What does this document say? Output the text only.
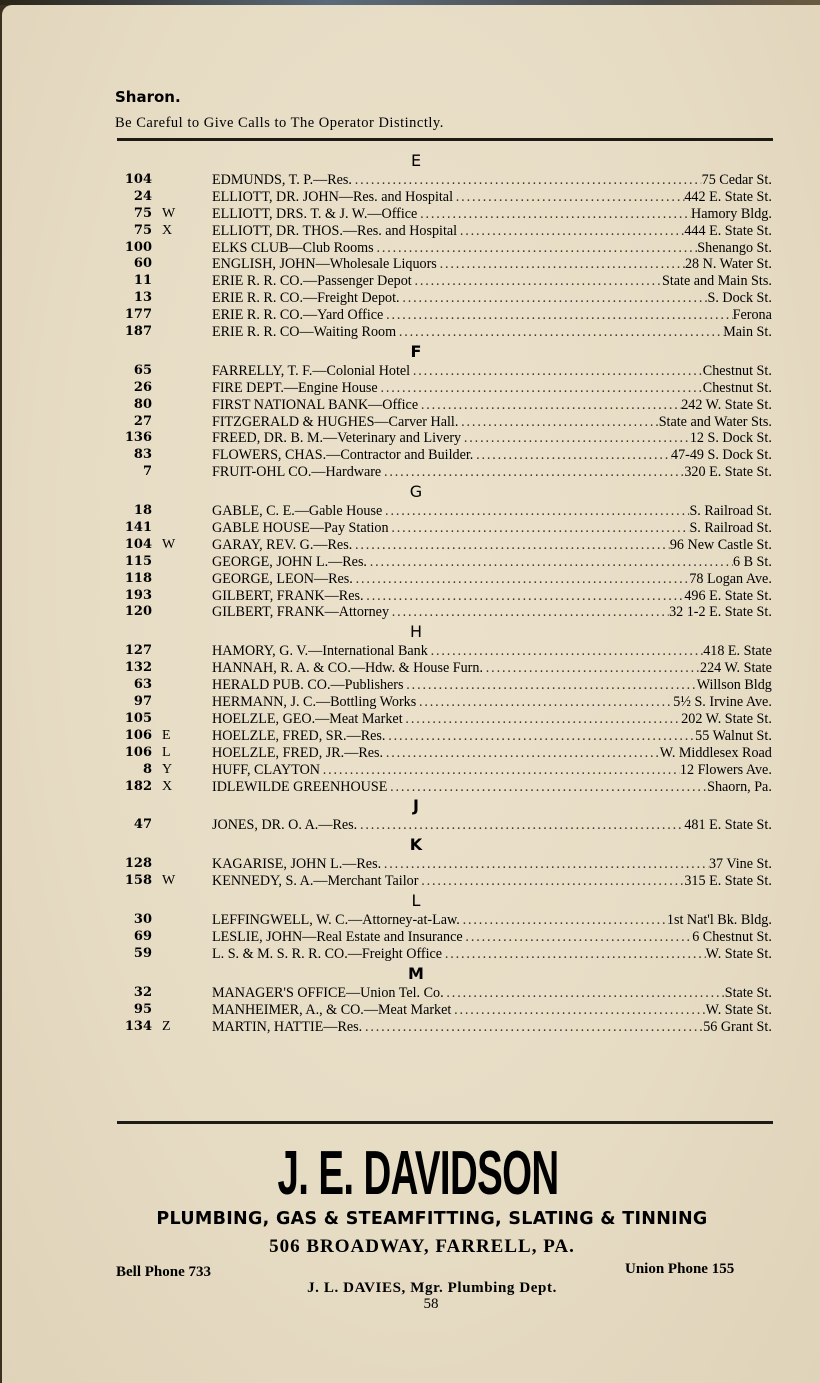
Sharon.
Be Careful to Give Calls to The Operator Distinctly.
E
104	EDMUNDS, T. P.—Res. .....	75 Cedar St.
24	ELLIOTT, DR. JOHN—Res. and Hospital .....	442 E. State St.
75 W ELLIOTT, DRS. T. & J. W.—Office .....	Hamory Bldg.
75 X	ELLIOTT, DR. THOS.—Res. and Hospital .....	444 E. State St.
100	ELKS CLUB—Club Rooms .....	Shenango St.
60	ENGLISH, JOHN—Wholesale Liquors .....	28 N. Water St.
11	ERIE R. R. CO.—Passenger Depot .....	State and Main Sts.
13	ERIE R. R. CO.—Freight Depot. .....	S. Dock St.
177	ERIE R. R. CO.—Yard Office .....	Ferona
187	ERIE R. R. CO—Waiting Room .....	Main St.
F
65	FARRELLY, T. F.—Colonial Hotel .....	Chestnut St.
26	FIRE DEPT.—Engine House .....	Chestnut St.
80	FIRST NATIONAL BANK—Office .....	242 W. State St.
27	FITZGERALD & HUGHES—Carver Hall. .....	State and Water Sts.
136	FREED, DR. B. M.—Veterinary and Livery .....	12 S. Dock St.
83	FLOWERS, CHAS.—Contractor and Builder. .....	47-49 S. Dock St.
7	FRUIT-OHL CO.—Hardware .....	320 E. State St.
G
18	GABLE, C. E.—Gable House .....	S. Railroad St.
141	GABLE HOUSE—Pay Station .....	S. Railroad St.
104 W GARAY, REV. G.—Res. .....	96 New Castle St.
115	GEORGE, JOHN L.—Res. .....	6 B St.
118	GEORGE, LEON—Res. .....	78 Logan Ave.
193	GILBERT, FRANK—Res. .....	496 E. State St.
120	GILBERT, FRANK—Attorney .....	32 1-2 E. State St.
H
127	HAMORY, G. V.—International Bank .....	418 E. State
132	HANNAH, R. A. & CO.—Hdw. & House Furn. .....	224 W. State
63	HERALD PUB. CO.—Publishers .....	Willson Bldg
97	HERMANN, J. C.—Bottling Works .....	5½ S. Irvine Ave.
105	HOELZLE, GEO.—Meat Market .....	202 W. State St.
106 E	HOELZLE, FRED, SR.—Res. .....	55 Walnut St.
106 L	HOELZLE, FRED, JR.—Res. .....	W. Middlesex Road
8 Y	HUFF, CLAYTON .....	12 Flowers Ave.
182 X	IDLEWILDE GREENHOUSE .....	Shaorn, Pa.
J
47	JONES, DR. O. A.—Res. .....	481 E. State St.
K
128	KAGARISE, JOHN L.—Res. .....	37 Vine St.
158 W KENNEDY, S. A.—Merchant Tailor .....	315 E. State St.
L
30	LEFFINGWELL, W. C.—Attorney-at-Law. .....	1st Nat'l Bk. Bldg.
69	LESLIE, JOHN—Real Estate and Insurance .....	6 Chestnut St.
59	L. S. & M. S. R. R. CO.—Freight Office .....	W. State St.
M
32	MANAGER'S OFFICE—Union Tel. Co. .....	State St.
95	MANHEIMER, A., & CO.—Meat Market .....	W. State St.
134 Z	MARTIN, HATTIE—Res. .....	56 Grant St.
J. E. DAVIDSON
PLUMBING, GAS & STEAMFITTING, SLATING & TINNING
506 BROADWAY, FARRELL, PA.
Bell Phone 733	Union Phone 155
J. L. DAVIES, Mgr. Plumbing Dept.
58
